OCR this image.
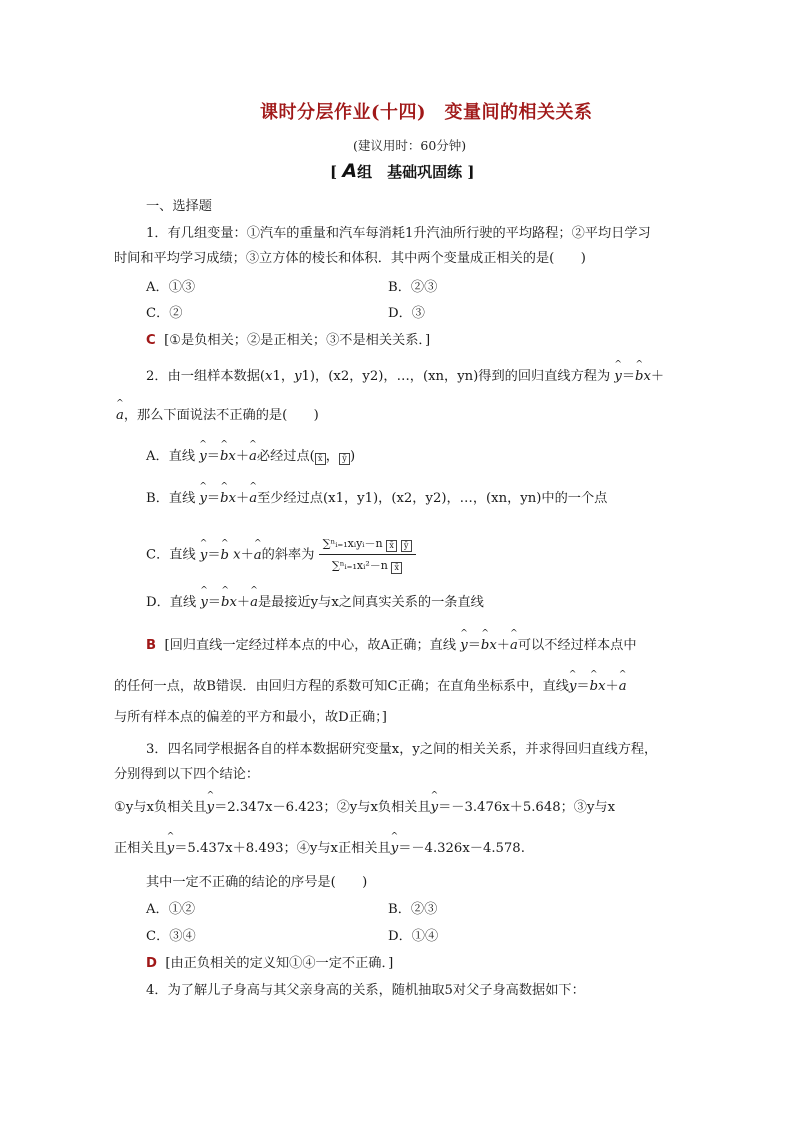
课时分层作业(十四)　变量间的相关关系
(建议用时：60分钟)
[ A组　基础巩固练 ]
一、选择题
1．有几组变量：①汽车的重量和汽车每消耗1升汽油所行驶的平均路程；②平均日学习
时间和平均学习成绩；③立方体的棱长和体积．其中两个变量成正相关的是(　　)
A．①③	B．②③
C．②	D．③
C [①是负相关；②是正相关；③不是相关关系．]
2．由一组样本数据(x1，y1)，(x2，y2)，…，(xn，yn)得到的回归直线方程为 ^ y＝^ bx＋
^ a，那么下面说法不正确的是(　　)
A．直线 ^ y＝^ bx＋^ a必经过点( x̄ ， ȳ )
B．直线 ^ y＝^ bx＋^ a至少经过点(x1，y1)，(x2，y2)，…，(xn，yn)中的一个点
C．直线 ^ y＝^ b x＋^ a的斜率为 $\frac{\text{∑ⁿᵢ₌₁xᵢyᵢ－n x̄ ȳ}}{\text{∑ⁿᵢ₌₁xᵢ²－n x̄}}$
D．直线 ^ y＝^ bx＋^ a是最接近y与x之间真实关系的一条直线
B [回归直线一定经过样本点的中心，故A正确；直线 ^ y＝^ bx＋^ a可以不经过样本点中
的任何一点，故B错误．由回归方程的系数可知C正确；在直角坐标系中，直线^ y＝^ bx＋^ a
与所有样本点的偏差的平方和最小，故D正确；]
3．四名同学根据各自的样本数据研究变量x，y之间的相关关系，并求得回归直线方程，
分别得到以下四个结论：
①y与x负相关且^ y＝2.347x－6.423；②y与x负相关且^ y＝－3.476x＋5.648；③y与x
正相关且^ y＝5.437x＋8.493；④y与x正相关且^ y＝－4.326x－4.578.
其中一定不正确的结论的序号是(　　)
A．①②	B．②③
C．③④	D．①④
D [由正负相关的定义知①④一定不正确．]
4．为了解儿子身高与其父亲身高的关系，随机抽取5对父子身高数据如下：
